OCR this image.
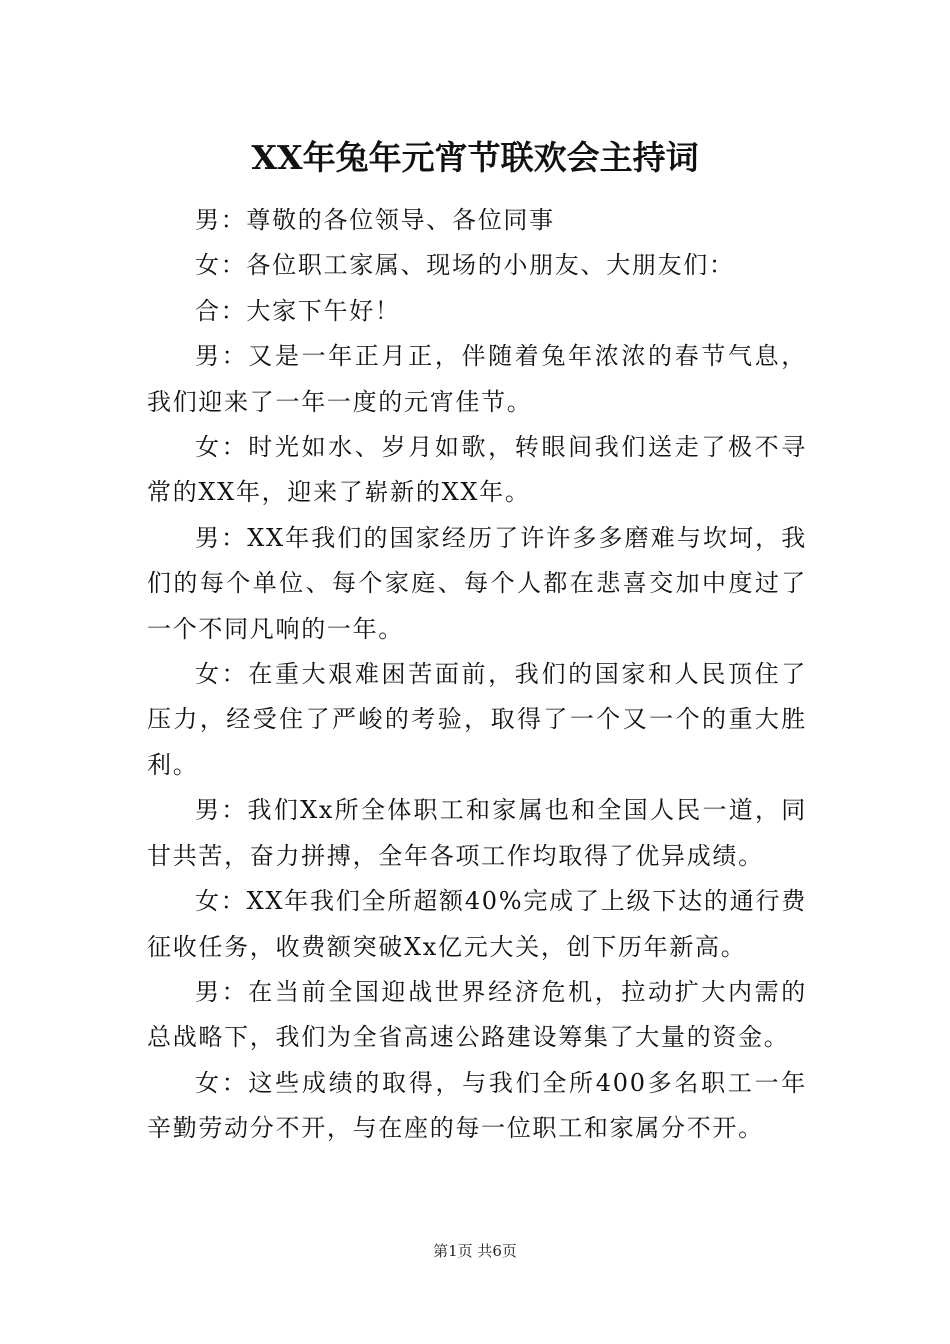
XX年兔年元宵节联欢会主持词

男：尊敬的各位领导、各位同事

女：各位职工家属、现场的小朋友、大朋友们：

合：大家下午好！

男：又是一年正月正，伴随着兔年浓浓的春节气息，我们迎来了一年一度的元宵佳节。

女：时光如水、岁月如歌，转眼间我们送走了极不寻常的XX年，迎来了崭新的XX年。

男：XX年我们的国家经历了许许多多磨难与坎坷，我们的每个单位、每个家庭、每个人都在悲喜交加中度过了一个不同凡响的一年。

女：在重大艰难困苦面前，我们的国家和人民顶住了压力，经受住了严峻的考验，取得了一个又一个的重大胜利。

男：我们Xx所全体职工和家属也和全国人民一道，同甘共苦，奋力拼搏，全年各项工作均取得了优异成绩。

女：XX年我们全所超额40%完成了上级下达的通行费征收任务，收费额突破Xx亿元大关，创下历年新高。

男：在当前全国迎战世界经济危机，拉动扩大内需的总战略下，我们为全省高速公路建设筹集了大量的资金。

女：这些成绩的取得，与我们全所400多名职工一年辛勤劳动分不开，与在座的每一位职工和家属分不开。

第1页 共6页
